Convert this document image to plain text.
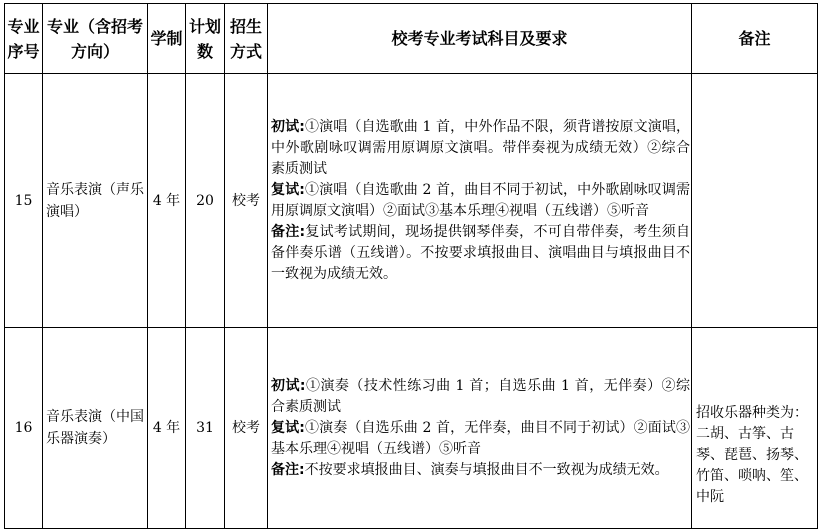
专业序号	专业（含招考方向）	学制	计划数	招生方式	校考专业考试科目及要求	备注
15	音乐表演（声乐演唱）	4 年	20	校考	初试:①演唱（自选歌曲 1 首，中外作品不限，须背谱按原文演唱，中外歌剧咏叹调需用原调原文演唱。带伴奏视为成绩无效）②综合素质测试

复试:①演唱（自选歌曲 2 首，曲目不同于初试，中外歌剧咏叹调需用原调原文演唱）②面试③基本乐理④视唱（五线谱）⑤听音

备注:复试考试期间，现场提供钢琴伴奏，不可自带伴奏，考生须自备伴奏乐谱（五线谱）。不按要求填报曲目、演唱曲目与填报曲目不一致视为成绩无效。	

16	音乐表演（中国乐器演奏）	4 年	31	校考	初试:①演奏（技术性练习曲 1 首；自选乐曲 1 首，无伴奏）②综合素质测试

复试:①演奏（自选乐曲 2 首，无伴奏，曲目不同于初试）②面试③基本乐理④视唱（五线谱）⑤听音

备注:不按要求填报曲目、演奏与填报曲目不一致视为成绩无效。	招收乐器种类为：二胡、古筝、古琴、琵琶、扬琴、竹笛、唢呐、笙、中阮
